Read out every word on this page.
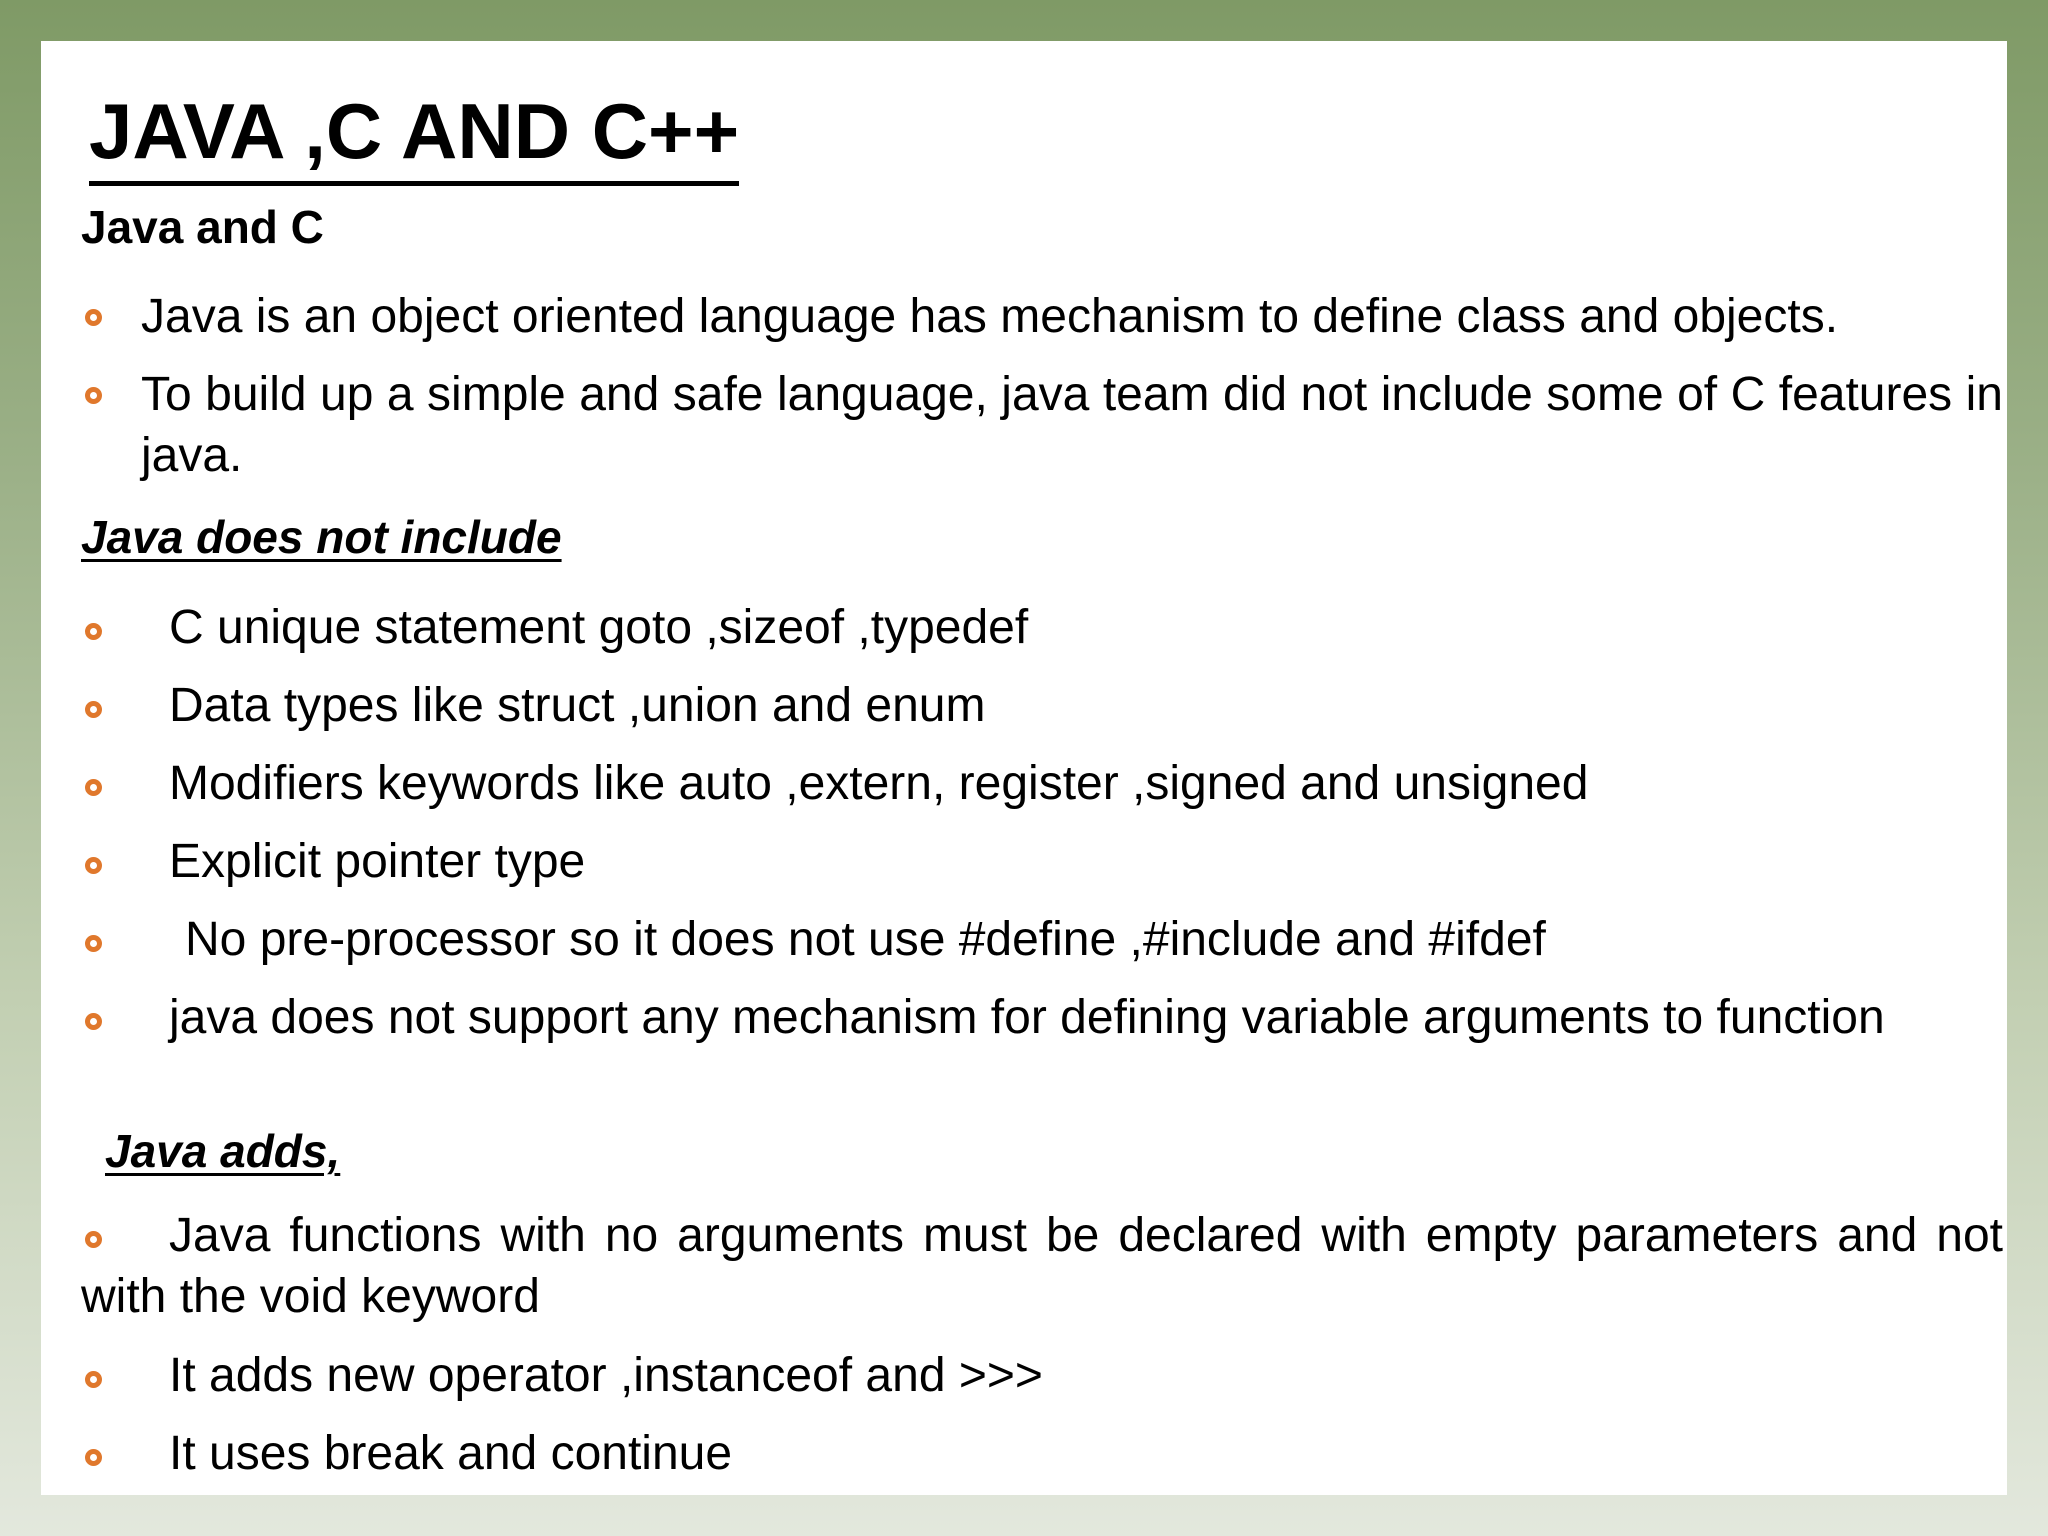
JAVA ,C AND C++
Java and C
Java is an object oriented language has mechanism to define class and objects.
To build up a simple and safe language, java team did not include some of C features in java.
Java does not include
C unique statement goto ,sizeof ,typedef
Data types like struct ,union and enum
Modifiers keywords like auto ,extern, register ,signed and unsigned
Explicit pointer type
No pre-processor so it does not use #define ,#include and #ifdef
java does not support any mechanism for defining variable arguments to function
Java adds,
Java functions with no arguments must be declared with empty parameters and not with the void keyword
It adds new operator ,instanceof and >>>
It uses break and continue
